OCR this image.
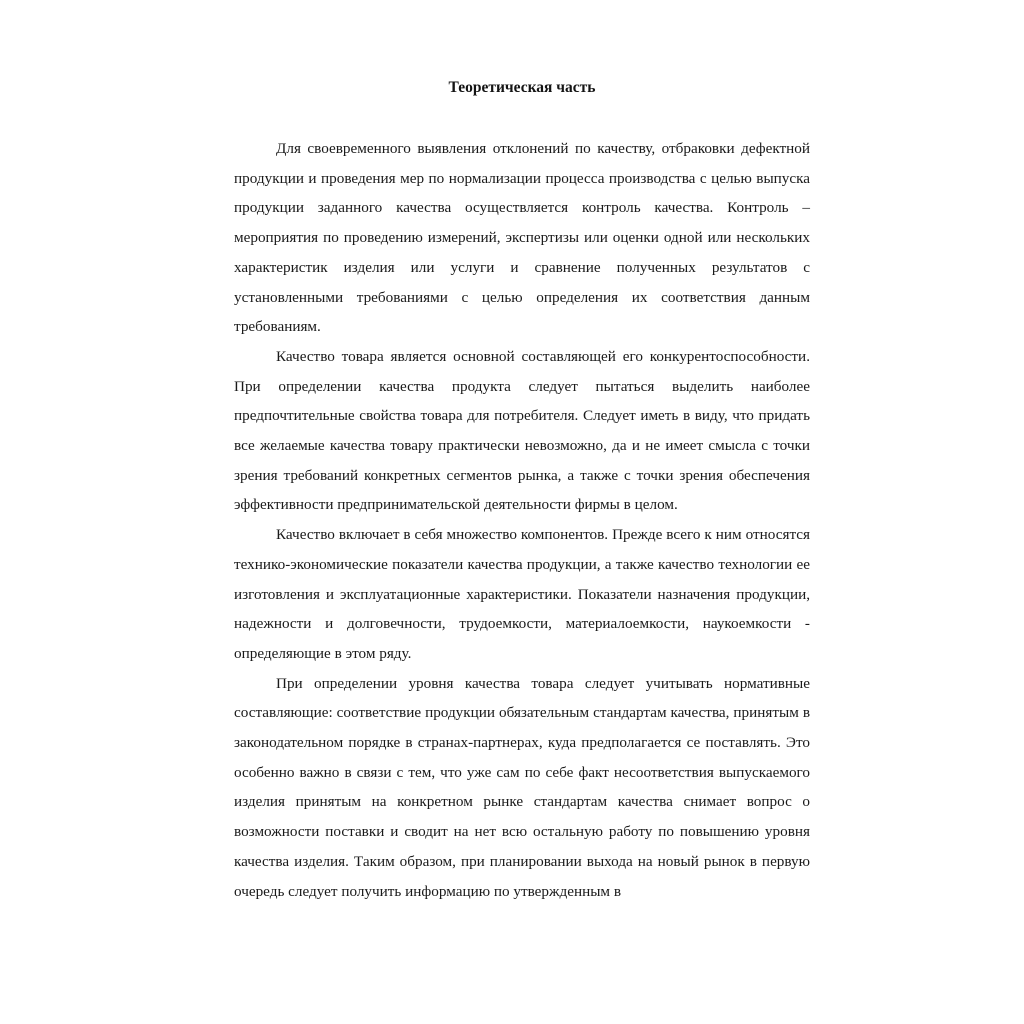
Теоретическая часть

Для своевременного выявления отклонений по качеству, отбраковки дефектной продукции и проведения мер по нормализации процесса производства с целью выпуска продукции заданного качества осуществляется контроль качества. Контроль – мероприятия по проведению измерений, экспертизы или оценки одной или нескольких характеристик изделия или услуги и сравнение полученных результатов с установленными требованиями с целью определения их соответствия данным требованиям.

Качество товара является основной составляющей его конкурентоспособности. При определении качества продукта следует пытаться выделить наиболее предпочтительные свойства товара для потребителя. Следует иметь в виду, что придать все желаемые качества товару практически невозможно, да и не имеет смысла с точки зрения требований конкретных сегментов рынка, а также с точки зрения обеспечения эффективности предпринимательской деятельности фирмы в целом.

Качество включает в себя множество компонентов. Прежде всего к ним относятся технико-экономические показатели качества продукции, а также качество технологии ее изготовления и эксплуатационные характеристики. Показатели назначения продукции, надежности и долговечности, трудоемкости, материалоемкости, наукоемкости - определяющие в этом ряду.

При определении уровня качества товара следует учитывать нормативные составляющие: соответствие продукции обязательным стандартам качества, принятым в законодательном порядке в странах-партнерах, куда предполагается се поставлять. Это особенно важно в связи с тем, что уже сам по себе факт несоответствия выпускаемого изделия принятым на конкретном рынке стандартам качества снимает вопрос о возможности поставки и сводит на нет всю остальную работу по повышению уровня качества изделия. Таким образом, при планировании выхода на новый рынок в первую очередь следует получить информацию по утвержденным в
